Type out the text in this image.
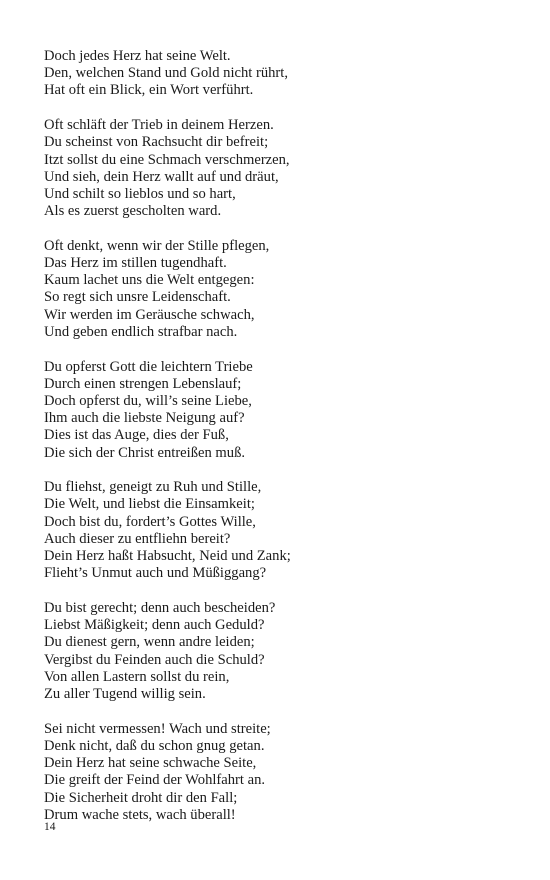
Doch jedes Herz hat seine Welt.
Den, welchen Stand und Gold nicht rührt,
Hat oft ein Blick, ein Wort verführt.
Oft schläft der Trieb in deinem Herzen.
Du scheinst von Rachsucht dir befreit;
Itzt sollst du eine Schmach verschmerzen,
Und sieh, dein Herz wallt auf und dräut,
Und schilt so lieblos und so hart,
Als es zuerst gescholten ward.
Oft denkt, wenn wir der Stille pflegen,
Das Herz im stillen tugendhaft.
Kaum lachet uns die Welt entgegen:
So regt sich unsre Leidenschaft.
Wir werden im Geräusche schwach,
Und geben endlich strafbar nach.
Du opferst Gott die leichtern Triebe
Durch einen strengen Lebenslauf;
Doch opferst du, will’s seine Liebe,
Ihm auch die liebste Neigung auf?
Dies ist das Auge, dies der Fuß,
Die sich der Christ entreißen muß.
Du fliehst, geneigt zu Ruh und Stille,
Die Welt, und liebst die Einsamkeit;
Doch bist du, fordert’s Gottes Wille,
Auch dieser zu entfliehn bereit?
Dein Herz haßt Habsucht, Neid und Zank;
Flieht’s Unmut auch und Müßiggang?
Du bist gerecht; denn auch bescheiden?
Liebst Mäßigkeit; denn auch Geduld?
Du dienest gern, wenn andre leiden;
Vergibst du Feinden auch die Schuld?
Von allen Lastern sollst du rein,
Zu aller Tugend willig sein.
Sei nicht vermessen! Wach und streite;
Denk nicht, daß du schon gnug getan.
Dein Herz hat seine schwache Seite,
Die greift der Feind der Wohlfahrt an.
Die Sicherheit droht dir den Fall;
Drum wache stets, wach überall!
14
